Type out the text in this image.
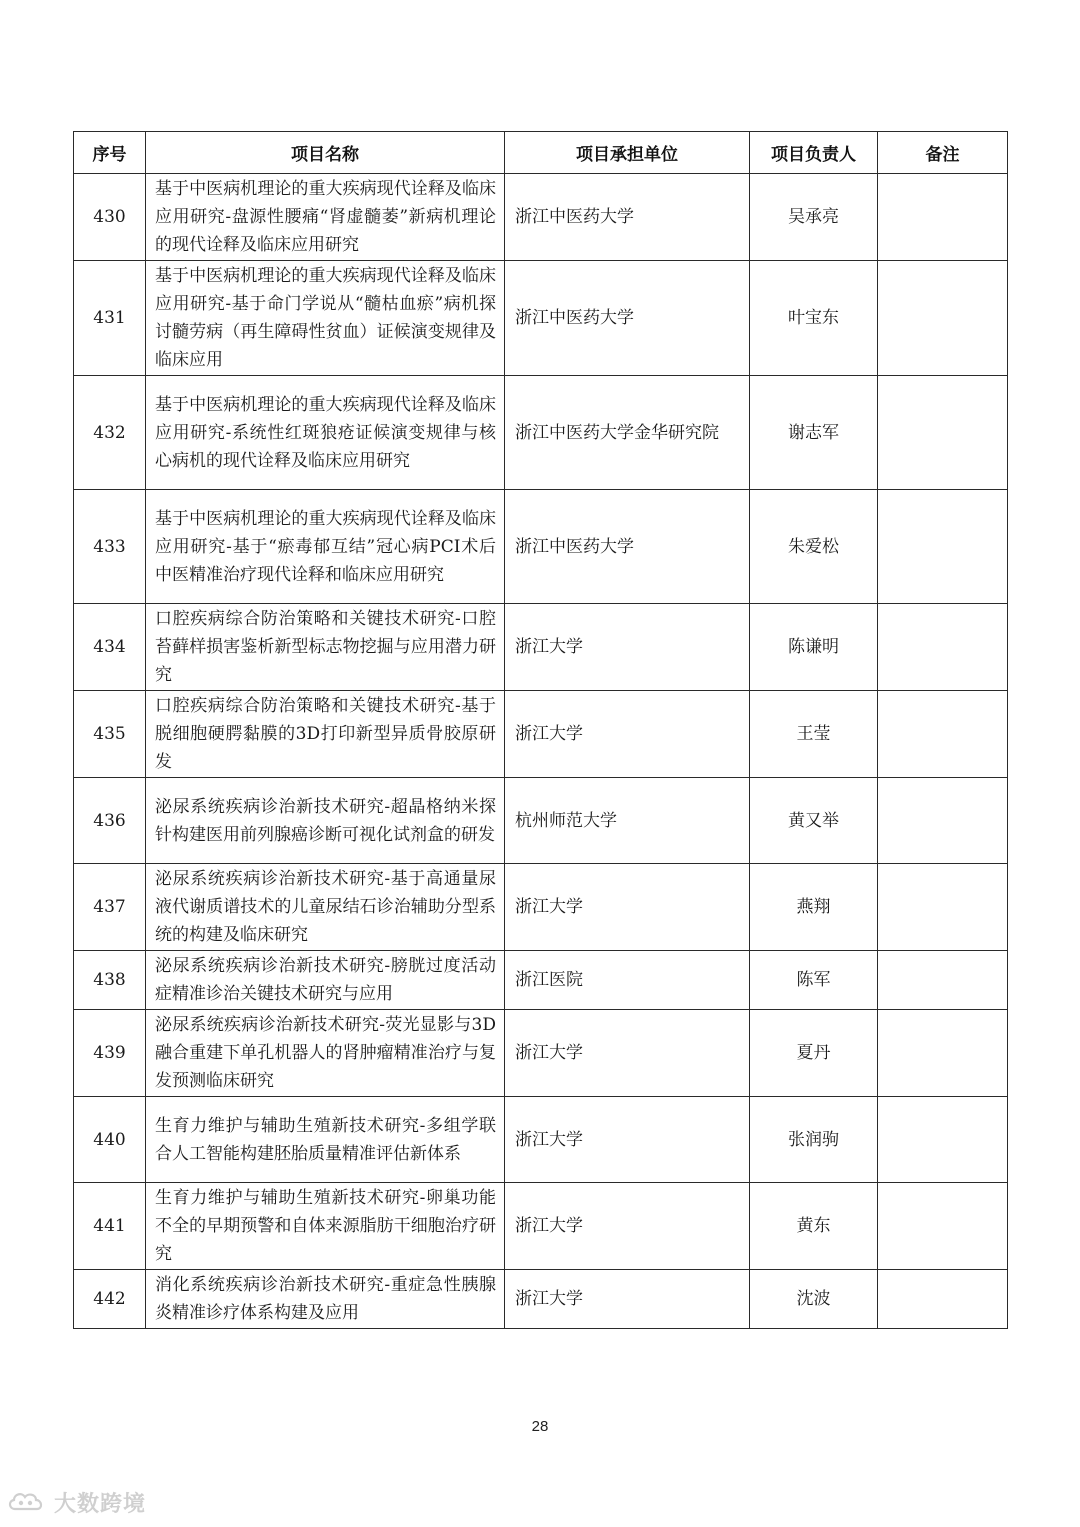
序号	项目名称	项目承担单位	项目负责人	备注
430	基于中医病机理论的重大疾病现代诠释及临床应用研究-盘源性腰痛“肾虚髓萎”新病机理论的现代诠释及临床应用研究	浙江中医药大学	吴承亮	
431	基于中医病机理论的重大疾病现代诠释及临床应用研究-基于命门学说从“髓枯血瘀”病机探讨髓劳病（再生障碍性贫血）证候演变规律及临床应用	浙江中医药大学	叶宝东	
432	基于中医病机理论的重大疾病现代诠释及临床应用研究-系统性红斑狼疮证候演变规律与核心病机的现代诠释及临床应用研究	浙江中医药大学金华研究院	谢志军	
433	基于中医病机理论的重大疾病现代诠释及临床应用研究-基于“瘀毒郁互结”冠心病PCI术后中医精准治疗现代诠释和临床应用研究	浙江中医药大学	朱爱松	
434	口腔疾病综合防治策略和关键技术研究-口腔苔藓样损害鉴析新型标志物挖掘与应用潜力研究	浙江大学	陈谦明	
435	口腔疾病综合防治策略和关键技术研究-基于脱细胞硬腭黏膜的3D打印新型异质骨胶原研发	浙江大学	王莹	
436	泌尿系统疾病诊治新技术研究-超晶格纳米探针构建医用前列腺癌诊断可视化试剂盒的研发	杭州师范大学	黄又举	
437	泌尿系统疾病诊治新技术研究-基于高通量尿液代谢质谱技术的儿童尿结石诊治辅助分型系统的构建及临床研究	浙江大学	燕翔	
438	泌尿系统疾病诊治新技术研究-膀胱过度活动症精准诊治关键技术研究与应用	浙江医院	陈军	
439	泌尿系统疾病诊治新技术研究-荧光显影与3D融合重建下单孔机器人的肾肿瘤精准治疗与复发预测临床研究	浙江大学	夏丹	
440	生育力维护与辅助生殖新技术研究-多组学联合人工智能构建胚胎质量精准评估新体系	浙江大学	张润驹	
441	生育力维护与辅助生殖新技术研究-卵巢功能不全的早期预警和自体来源脂肪干细胞治疗研究	浙江大学	黄东	
442	消化系统疾病诊治新技术研究-重症急性胰腺炎精准诊疗体系构建及应用	浙江大学	沈波	
28
大数跨境
